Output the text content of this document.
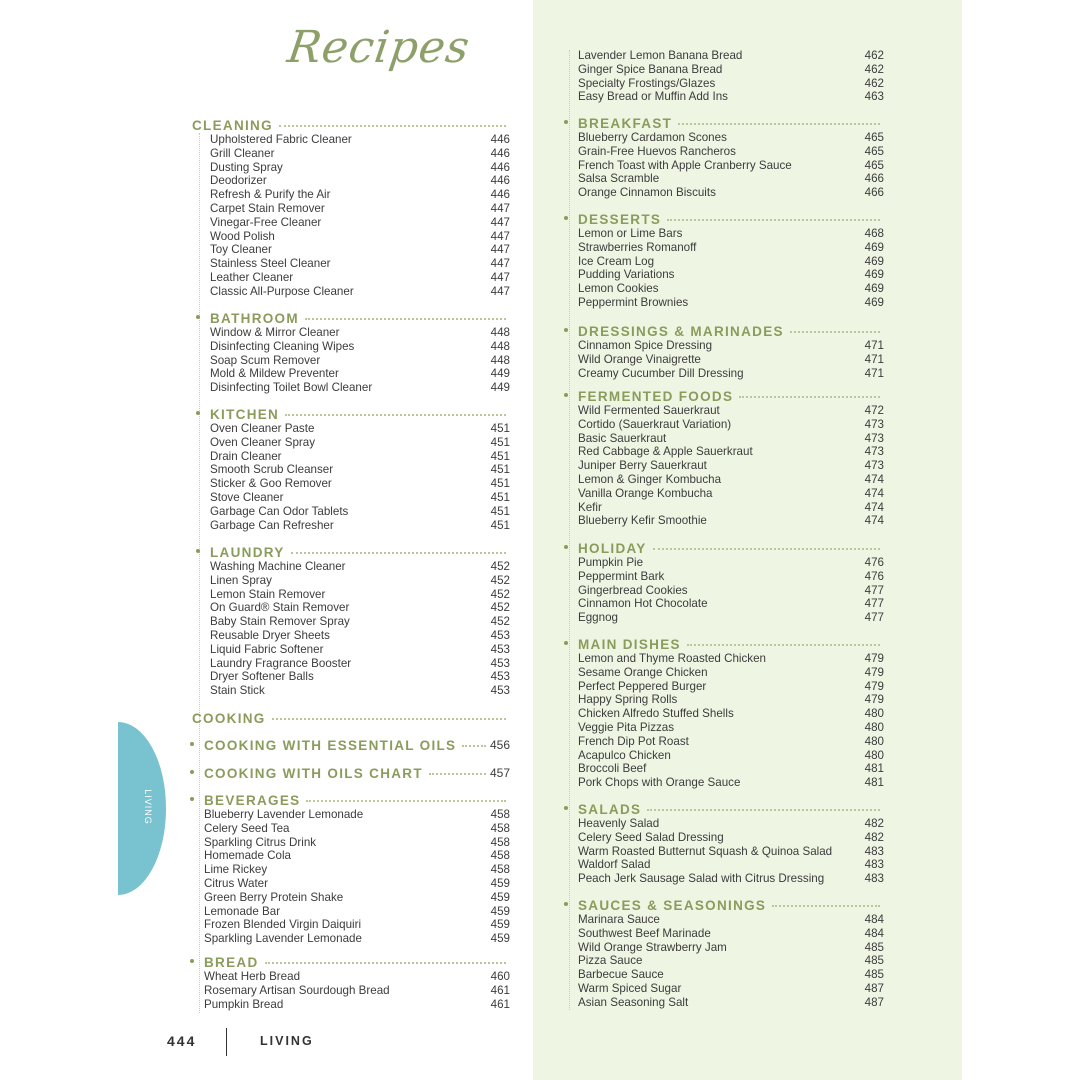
Recipes
CLEANING
Upholstered Fabric Cleaner	446
Grill Cleaner	446
Dusting Spray	446
Deodorizer	446
Refresh & Purify the Air	446
Carpet Stain Remover	447
Vinegar-Free Cleaner	447
Wood Polish	447
Toy Cleaner	447
Stainless Steel Cleaner	447
Leather Cleaner	447
Classic All-Purpose Cleaner	447
BATHROOM
Window & Mirror Cleaner	448
Disinfecting Cleaning Wipes	448
Soap Scum Remover	448
Mold & Mildew Preventer	449
Disinfecting Toilet Bowl Cleaner	449
KITCHEN
Oven Cleaner Paste	451
Oven Cleaner Spray	451
Drain Cleaner	451
Smooth Scrub Cleanser	451
Sticker & Goo Remover	451
Stove Cleaner	451
Garbage Can Odor Tablets	451
Garbage Can Refresher	451
LAUNDRY
Washing Machine Cleaner	452
Linen Spray	452
Lemon Stain Remover	452
On Guard® Stain Remover	452
Baby Stain Remover Spray	452
Reusable Dryer Sheets	453
Liquid Fabric Softener	453
Laundry Fragrance Booster	453
Dryer Softener Balls	453
Stain Stick	453
COOKING
COOKING WITH ESSENTIAL OILS	456
COOKING WITH OILS CHART	457
BEVERAGES
Blueberry Lavender Lemonade	458
Celery Seed Tea	458
Sparkling Citrus Drink	458
Homemade Cola	458
Lime Rickey	458
Citrus Water	459
Green Berry Protein Shake	459
Lemonade Bar	459
Frozen Blended Virgin Daiquiri	459
Sparkling Lavender Lemonade	459
BREAD
Wheat Herb Bread	460
Rosemary Artisan Sourdough Bread	461
Pumpkin Bread	461
Lavender Lemon Banana Bread	462
Ginger Spice Banana Bread	462
Specialty Frostings/Glazes	462
Easy Bread or Muffin Add Ins	463
BREAKFAST
Blueberry Cardamon Scones	465
Grain-Free Huevos Rancheros	465
French Toast with Apple Cranberry Sauce	465
Salsa Scramble	466
Orange Cinnamon Biscuits	466
DESSERTS
Lemon or Lime Bars	468
Strawberries Romanoff	469
Ice Cream Log	469
Pudding Variations	469
Lemon Cookies	469
Peppermint Brownies	469
DRESSINGS & MARINADES
Cinnamon Spice Dressing	471
Wild Orange Vinaigrette	471
Creamy Cucumber Dill Dressing	471
FERMENTED FOODS
Wild Fermented Sauerkraut	472
Cortido (Sauerkraut Variation)	473
Basic Sauerkraut	473
Red Cabbage & Apple Sauerkraut	473
Juniper Berry Sauerkraut	473
Lemon & Ginger Kombucha	474
Vanilla Orange Kombucha	474
Kefir	474
Blueberry Kefir Smoothie	474
HOLIDAY
Pumpkin Pie	476
Peppermint Bark	476
Gingerbread Cookies	477
Cinnamon Hot Chocolate	477
Eggnog	477
MAIN DISHES
Lemon and Thyme Roasted Chicken	479
Sesame Orange Chicken	479
Perfect Peppered Burger	479
Happy Spring Rolls	479
Chicken Alfredo Stuffed Shells	480
Veggie Pita Pizzas	480
French Dip Pot Roast	480
Acapulco Chicken	480
Broccoli Beef	481
Pork Chops with Orange Sauce	481
SALADS
Heavenly Salad	482
Celery Seed Salad Dressing	482
Warm Roasted Butternut Squash & Quinoa Salad	483
Waldorf Salad	483
Peach Jerk Sausage Salad with Citrus Dressing	483
SAUCES & SEASONINGS
Marinara Sauce	484
Southwest Beef Marinade	484
Wild Orange Strawberry Jam	485
Pizza Sauce	485
Barbecue Sauce	485
Warm Spiced Sugar	487
Asian Seasoning Salt	487
LIVING
444	LIVING
